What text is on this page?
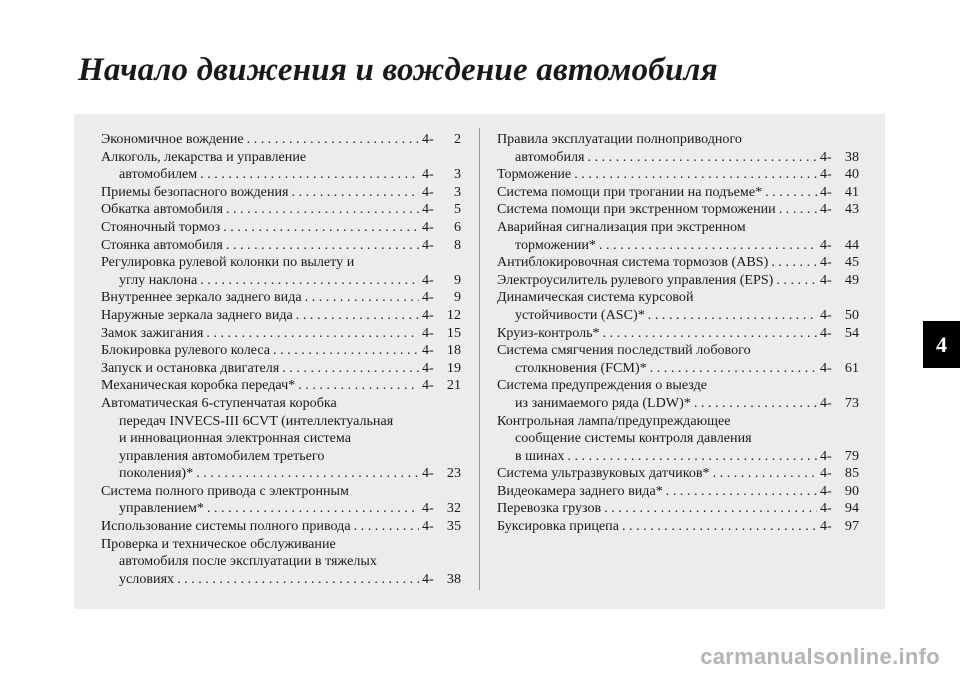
Начало движения и вождение автомобиля
Экономичное вождение . . .	4-	2
Алкоголь, лекарства и управление
автомобилем . . .	4-	3
Приемы безопасного вождения . . .	4-	3
Обкатка автомобиля . . .	4-	5
Стояночный тормоз . . .	4-	6
Стоянка автомобиля . . .	4-	8
Регулировка рулевой колонки по вылету и
углу наклона . . .	4-	9
Внутреннее зеркало заднего вида . . .	4-	9
Наружные зеркала заднего вида . . .	4- 12
Замок зажигания . . .	4- 15
Блокировка рулевого колеса . . .	4- 18
Запуск и остановка двигателя . . .	4- 19
Механическая коробка передач* . . .	4- 21
Автоматическая 6-ступенчатая коробка
передач INVECS-III 6CVT (интеллектуальная
и инновационная электронная система
управления автомобилем третьего
поколения)* . . .	4- 23
Система полного привода с электронным
управлением* . . .	4- 32
Использование системы полного привода . . .	4- 35
Проверка и техническое обслуживание
автомобиля после эксплуатации в тяжелых
условиях . . .	4- 38
Правила эксплуатации полноприводного
автомобиля . . .	4- 38
Торможение . . .	4- 40
Система помощи при трогании на подъеме* . . .	4- 41
Система помощи при экстренном торможении . . .	4- 43
Аварийная сигнализация при экстренном
торможении* . . .	4- 44
Антиблокировочная система тормозов (ABS) . . .	4- 45
Электроусилитель рулевого управления (EPS) . . .	4- 49
Динамическая система курсовой
устойчивости (ASC)* . . .	4- 50
Круиз-контроль* . . .	4- 54
Система смягчения последствий лобового
столкновения (FCM)* . . .	4- 61
Система предупреждения о выезде
из занимаемого ряда (LDW)* . . .	4- 73
Контрольная лампа/предупреждающее
сообщение системы контроля давления
в шинах . . .	4- 79
Система ультразвуковых датчиков* . . .	4- 85
Видеокамера заднего вида* . . .	4- 90
Перевозка грузов . . .	4- 94
Буксировка прицепа . . .	4- 97
4
carmanualsonline.info
